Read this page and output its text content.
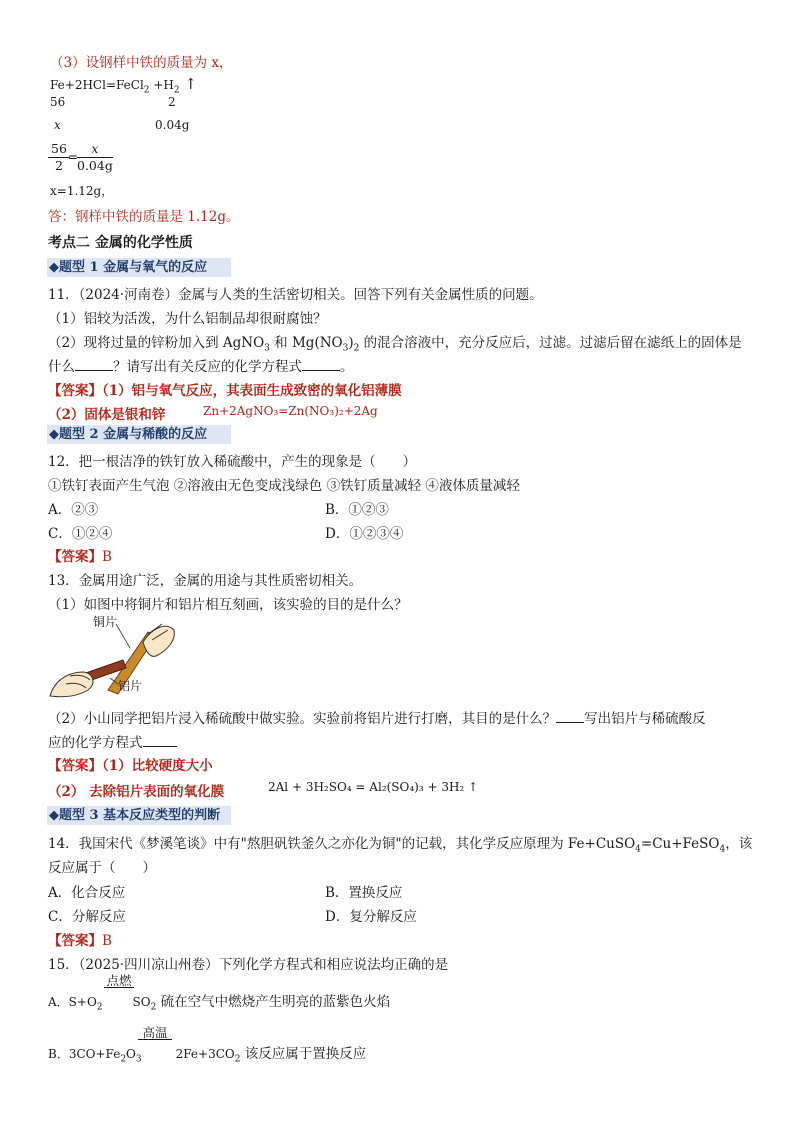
（3）设钢样中铁的质量为 x，
Fe+2HCl=FeCl$_2$ $+H_2$ ↑
56	2
x	0.04g
$\frac{56}{2}$
=
$\frac{x}{0.04g}$
x=1.12g，
答：钢样中铁的质量是 1.12g。
考点二 金属的化学性质
◆题型 1 金属与氧气的反应
11．（2024·河南卷）金属与人类的生活密切相关。回答下列有关金属性质的问题。
（1）铝较为活泼，为什么铝制品却很耐腐蚀？
（2）现将过量的锌粉加入到 AgNO$_3$ 和 $Mg(NO_3)_2$ 的混合溶液中，充分反应后，过滤。过滤后留在滤纸上的固体是
什么	？请写出有关反应的化学方程式	。
【答案】（1）铝与氧气反应，其表面生成致密的氧化铝薄膜
（2）固体是银和锌	Zn+2AgNO₃=Zn(NO₃)₂+2Ag
◆题型 2 金属与稀酸的反应
12．把一根洁净的铁钉放入稀硫酸中，产生的现象是（　　）
①铁钉表面产生气泡 ②溶液由无色变成浅绿色 ③铁钉质量减轻 ④液体质量减轻
A．②③	B．①②③
C．①②④	D．①②③④
【答案】B
13．金属用途广泛，金属的用途与其性质密切相关。
（1）如图中将铜片和铝片相互刻画，该实验的目的是什么？
铜片
铝片
（2）小山同学把铝片浸入稀硫酸中做实验。实验前将铝片进行打磨，其目的是什么？ 写出铝片与稀硫酸反
应的化学方程式
【答案】（1）比较硬度大小
（2） 去除铝片表面的氧化膜	2Al + 3H₂SO₄ = Al₂(SO₄)₃ + 3H₂ ↑
◆题型 3 基本反应类型的判断
14．我国宋代《梦溪笔谈》中有"熬胆矾铁釜久之亦化为铜"的记载，其化学反应原理为 Fe+CuSO$_4$=Cu+FeSO$_4$，该
反应属于（　　）
A．化合反应	B．置换反应
C．分解反应	D．复分解反应
【答案】B
15．（2025·四川凉山州卷）下列化学方程式和相应说法均正确的是
A．$S+O_2$	$SO_2$ 硫在空气中燃烧产生明亮的蓝紫色火焰
点燃
B．$3CO+Fe_2O_3$	$2Fe+3CO_2$ 该反应属于置换反应
高温
